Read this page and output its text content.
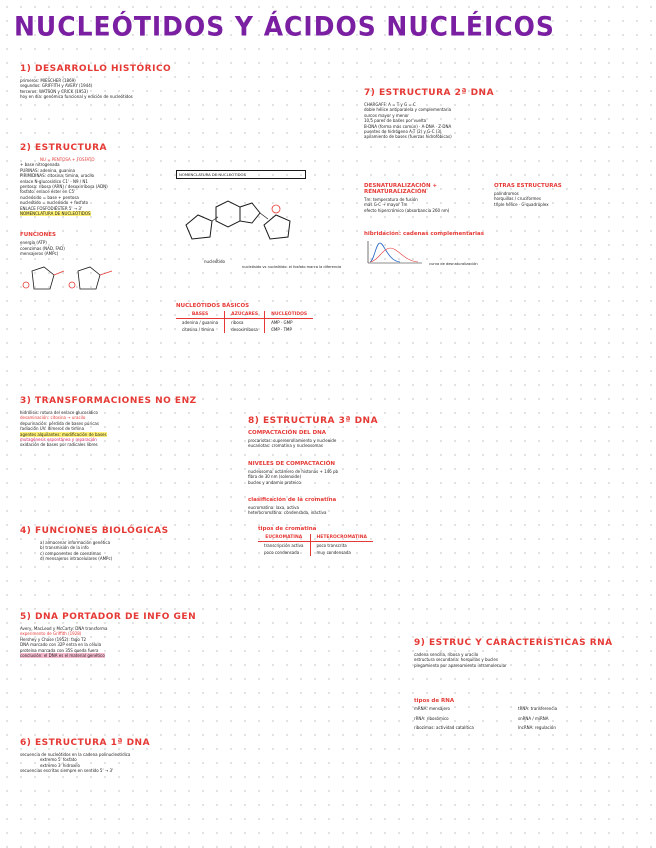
NUCLEÓTIDOS Y ÁCIDOS NUCLÉICOS
1) DESARROLLO HISTÓRICO
primeros: MIESCHER (1869)
segundos: GRIFFITH y AVERY (1944)
terceros: WATSON y CRICK (1953)
hoy en día: genómica funcional y edición de nucleótidos
2) ESTRUCTURA
NU = PENTOSA + FOSFATO
+ base nitrogenada
PURINAS: adenina, guanina
PIRIMIDINAS: citosina, timina, uracilo
enlace N-glucosídico C1' - N9 / N1
pentosa: ribosa (ARN) / desoxirribosa (ADN)
fosfato: enlace éster en C5'
nucleósido = base + pentosa
nucleótido = nucleósido + fosfato
ENLACE FOSFODIÉSTER 5' → 3'
NOMENCLATURA DE NUCLEÓTIDOS
FUNCIONES
energía (ATP)
coenzimas (NAD, FAD)
mensajeros (AMPc)
NOMENCLATURA DE NUCLEÓTIDOS
nucleótido
nucleósido vs nucleótido: el fosfato marca la diferencia
NUCLEÓTIDOS BÁSICOS
BASES	AZÚCARES	NUCLEÓTIDOS
adenina / guanina	ribosa	AMP · GMP
citosina / timina	desoxirribosa	CMP · TMP
7) ESTRUCTURA 2ª DNA
CHARGAFF: A = T y G = C
doble hélice antiparalela y complementaria
surcos mayor y menor
10,5 pares de bases por vuelta
B-DNA (forma más común) · A-DNA · Z-DNA
puentes de hidrógeno A-T (2) y G-C (3)
apilamiento de bases (fuerzas hidrofóbicas)
DESNATURALIZACIÓN + RENATURALIZACIÓN
Tm: temperatura de fusión
más G-C → mayor Tm
efecto hipercrómico (absorbancia 260 nm)
OTRAS ESTRUCTURAS
palíndromos
horquillas / cruciformes
triple hélice · G-quadruplex
hibridación: cadenas complementarias
curva de desnaturalización
3) TRANSFORMACIONES NO ENZ
hidrólisis: rotura del enlace glucosídico
desaminación: citosina → uracilo
depurinación: pérdida de bases púricas
radiación UV: dímeros de timina
agentes alquilantes: modificación de bases
mutagénesis espontánea y reparación
oxidación de bases por radicales libres
8) ESTRUCTURA 3ª DNA
COMPACTACIÓN DEL DNA
procariotas: superenrollamiento y nucleoide
eucariotas: cromatina y nucleosomas
NIVELES DE COMPACTACIÓN
nucleosoma: octámero de histonas + 146 pb
fibra de 30 nm (solenoide)
bucles y andamio proteico
clasificación de la cromatina
eucromatina: laxa, activa
heterocromatina: condensada, inactiva
tipos de cromatina
EUCROMATINA	HETEROCROMATINA
transcripción activa	poco transcrita
poco condensada	muy condensada
4) FUNCIONES BIOLÓGICAS
a) almacenar información genética
b) transmisión de la info
c) componentes de coenzimas
d) mensajeros intracelulares (AMPc)
5) DNA PORTADOR DE INFO GEN
Avery, MacLeod y McCarty: DNA transforma
experimento de Griffith (1928)
Hershey y Chase (1952): fago T2
DNA marcado con 32P entra en la célula
proteína marcada con 35S queda fuera
conclusión: el DNA es el material genético
6) ESTRUCTURA 1ª DNA
secuencia de nucleótidos en la cadena polinucleotídica
extremo 5' fosfato
extremo 3' hidroxilo
secuencias escritas siempre en sentido 5' → 3'
9) ESTRUC Y CARACTERÍSTICAS RNA
cadena sencilla, ribosa y uracilo
estructura secundaria: horquillas y bucles
plegamiento por apareamiento intramolecular
tipos de RNA
mRNA: mensajero	tRNA: transferencia
rRNA: ribosómico	snRNA / miRNA
ribozimas: actividad catalítica	lncRNA: regulación
